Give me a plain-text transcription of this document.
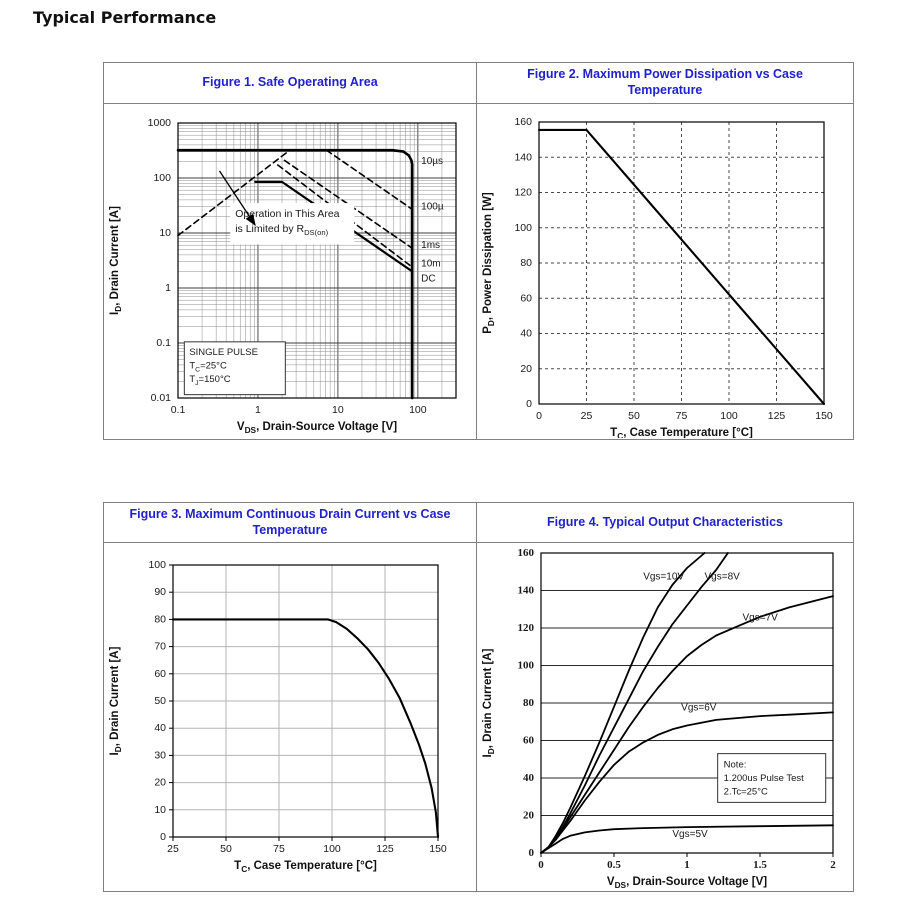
Typical Performance
Figure 1. Safe Operating Area
Figure 2. Maximum Power Dissipation vs Case Temperature
Operation in This Area
is Limited by $R_{DS(on)}$
SINGLE PULSE
$T_C=25^\circ C$
$T_J=150^\circ C$
10µs
100µ
1ms
10m
DC
0.1	1	10	100
1000
100
10
1
0.1
0.01
$V_{DS}$, Drain-Source Voltage [V]
$I_D$, Drain Current [A]
0	25	50	75	100	125	150
0
20
40
60
80
100
120
140
160
$T_C$, Case Temperature [°C]
$P_D$, Power Dissipation [W]
Figure 3. Maximum Continuous Drain Current vs Case Temperature
Figure 4. Typical Output Characteristics
25	50	75	100	125	150
0
10
20
30
40
50
60
70
80
90
100
$T_C$, Case Temperature [°C]
$I_D$, Drain Current [A]
Vgs=10V Vgs=8V
Vgs=7V
Vgs=6V
Vgs=5V
Note:
1.200us Pulse Test
2.Tc=25°C
0	0.5	1	1.5	2
0
20
40
60
80
100
120
140
160
$V_{DS}$, Drain-Source Voltage [V]
$I_D$, Drain Current [A]
